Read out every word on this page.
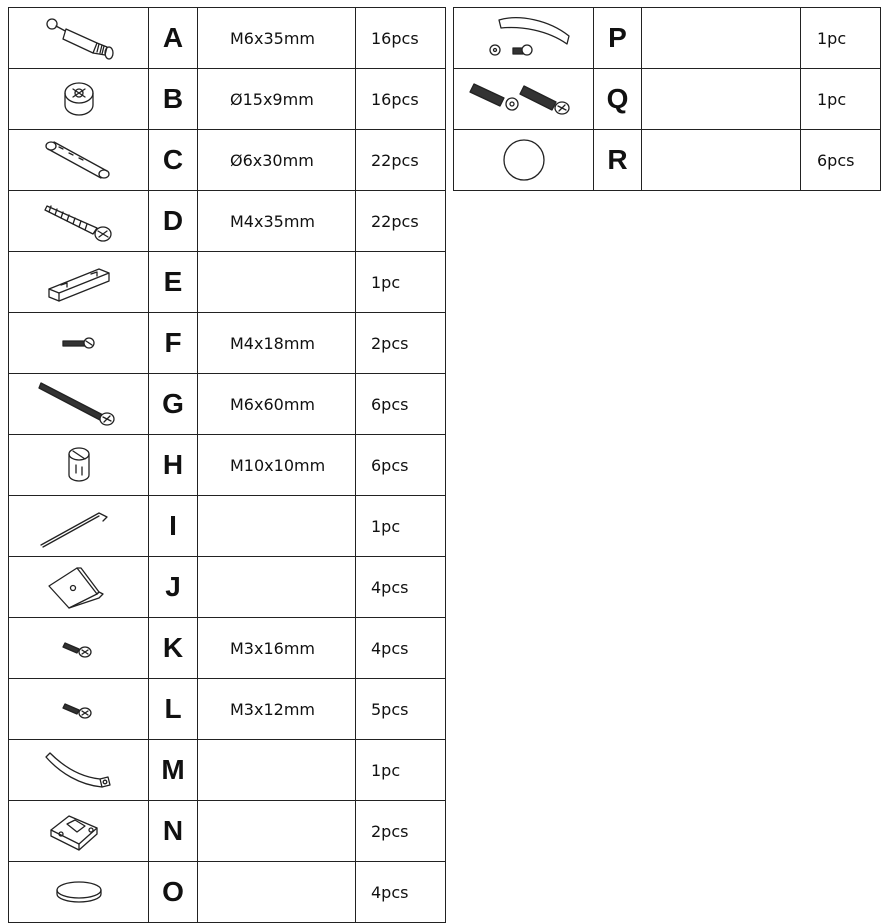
	A	M6x35mm	16pcs

	B	Ø15x9mm	16pcs

	C	Ø6x30mm	22pcs

	D	M4x35mm	22pcs

	E		1pc

	F	M4x18mm	2pcs

	G	M6x60mm	6pcs

	H	M10x10mm	6pcs

	I		1pc

	J		4pcs

	K	M3x16mm	4pcs

	L	M3x12mm	5pcs

	M		1pc

	N		2pcs

	O		4pcs
	P		1pc

	Q		1pc

	R		6pcs
